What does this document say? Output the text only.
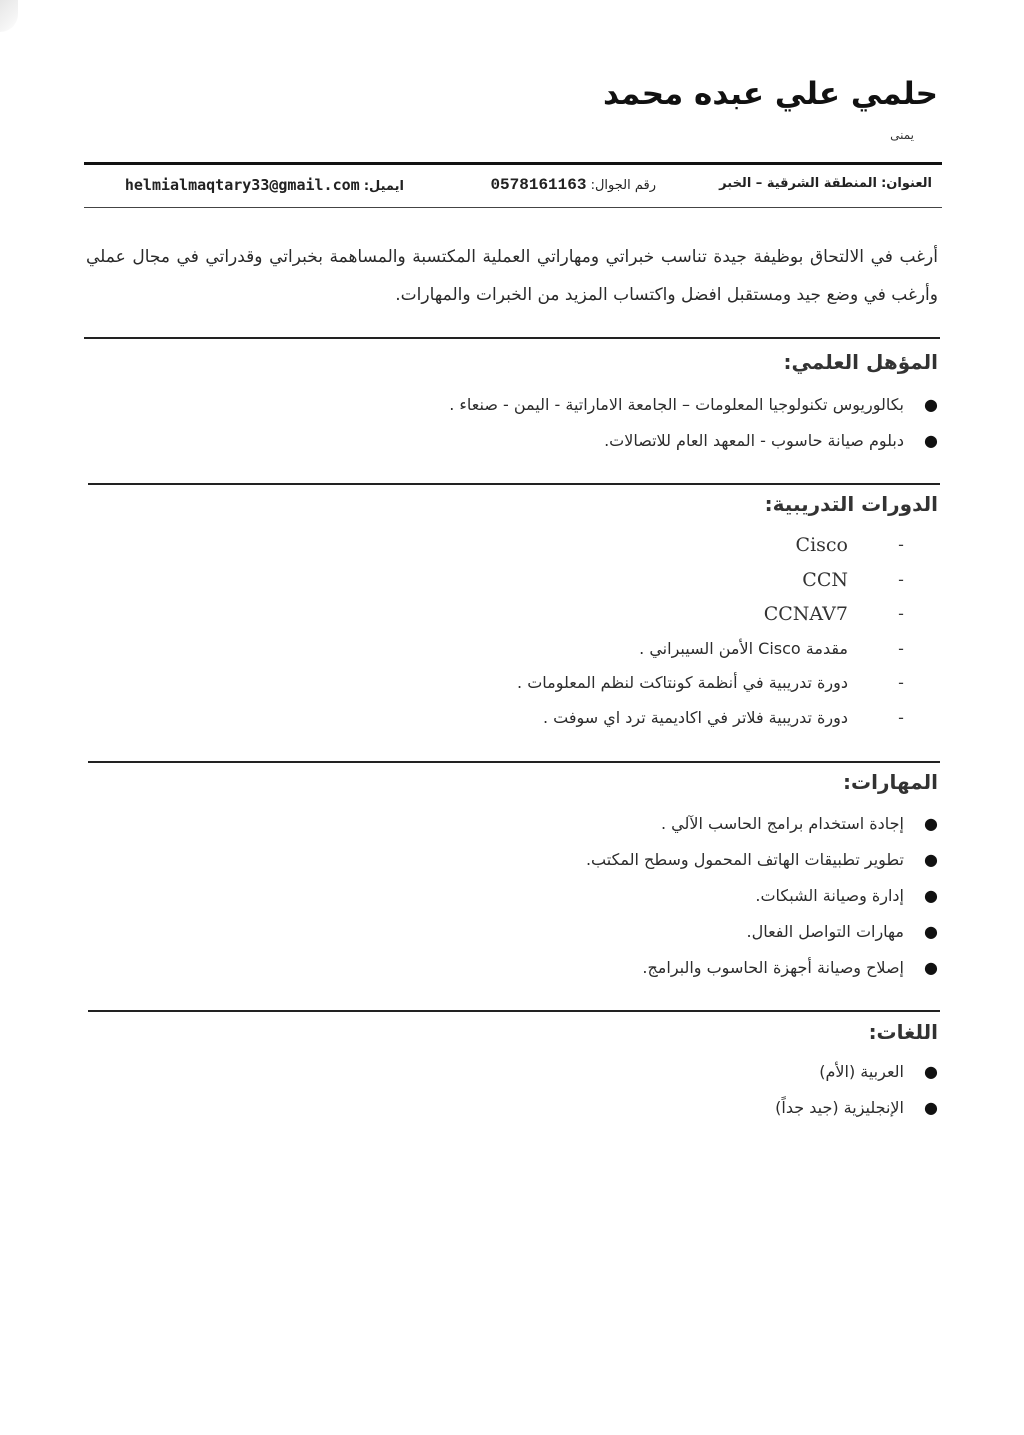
حلمي علي عبده محمد
يمنى
العنوان: المنطقة الشرقية – الخبر
رقم الجوال: 0578161163
ايميل: helmialmaqtary33@gmail.com
أرغب في الالتحاق بوظيفة جيدة تناسب خبراتي ومهاراتي العملية المكتسبة والمساهمة بخبراتي وقدراتي في مجال عملي وأرغب في وضع جيد ومستقبل افضل واكتساب المزيد من الخبرات والمهارات.
المؤهل العلمي:
●
بكالوريوس تكنولوجيا المعلومات – الجامعة الاماراتية - اليمن - صنعاء .
●
دبلوم صيانة حاسوب - المعهد العام للاتصالات.
الدورات التدريبية:
-
Cisco
-
CCN
-
CCNAV7
-
مقدمة Cisco الأمن السيبراني .
-
دورة تدريبية في أنظمة كونتاكت لنظم المعلومات .
-
دورة تدريبية فلاتر في اكاديمية ترد اي سوفت .
المهارات:
●
إجادة استخدام برامج الحاسب الآلي .
●
تطوير تطبيقات الهاتف المحمول وسطح المكتب.
●
إدارة وصيانة الشبكات.
●
مهارات التواصل الفعال.
●
إصلاح وصيانة أجهزة الحاسوب والبرامج.
اللغات:
●
العربية (الأم)
●
الإنجليزية (جيد جداً)
